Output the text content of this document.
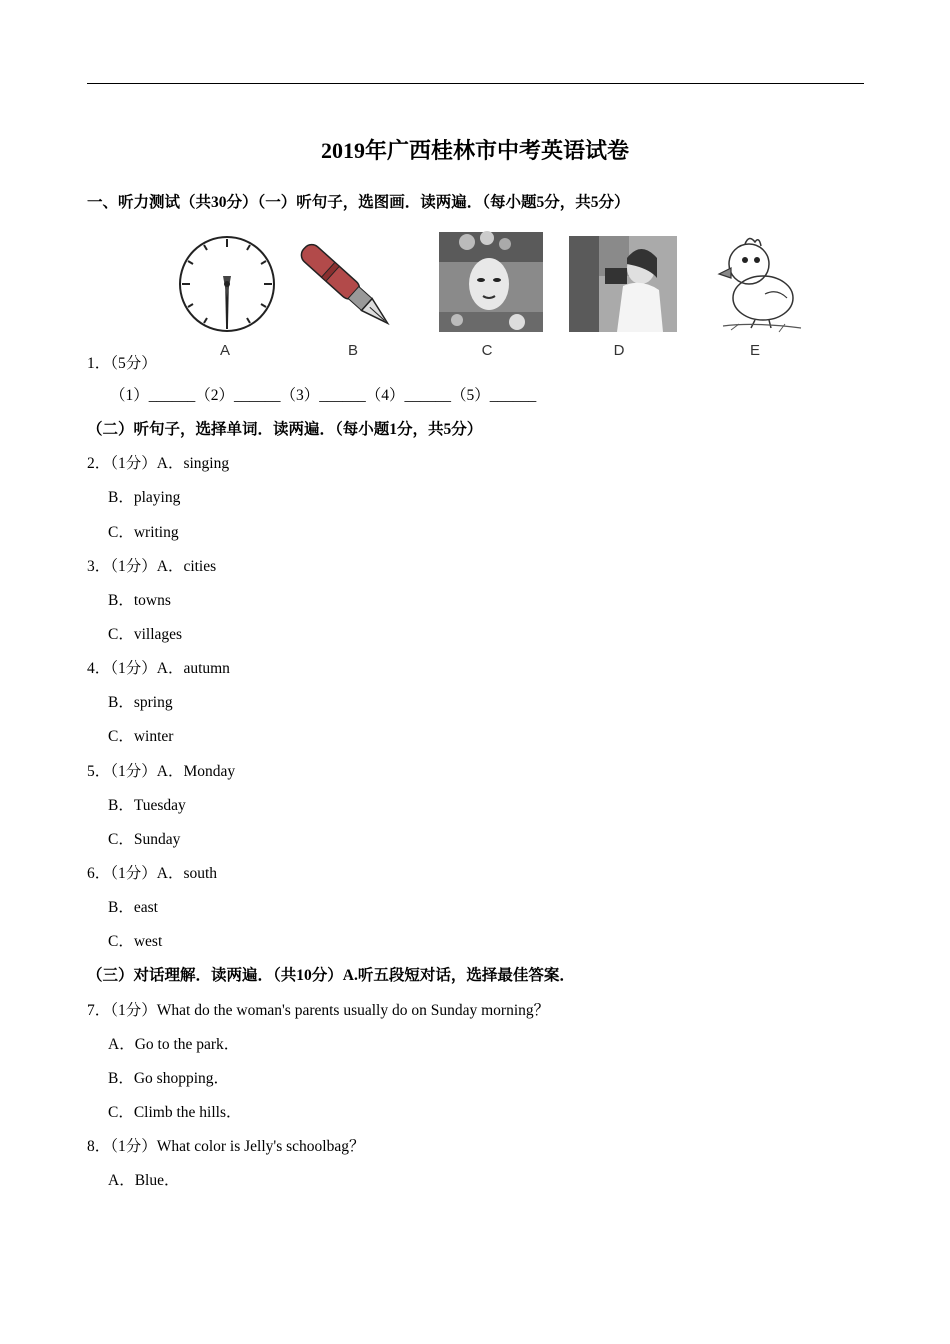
2019年广西桂林市中考英语试卷
一、听力测试（共30分）（一）听句子，选图画．读两遍．（每小题5分，共5分）
A	B	C	D	E
1．（5分）
（1）______（2）______（3）______（4）______（5）______
（二）听句子，选择单词．读两遍．（每小题1分，共5分）
2．（1分）A．singing
B．playing
C．writing
3．（1分）A．cities
B．towns
C．villages
4．（1分）A．autumn
B．spring
C．winter
5．（1分）A．Monday
B．Tuesday
C．Sunday
6．（1分）A．south
B．east
C．west
（三）对话理解．读两遍．（共10分）A.听五段短对话，选择最佳答案．
7．（1分）What do the woman's parents usually do on Sunday morning？
A．Go to the park．
B．Go shopping．
C．Climb the hills．
8．（1分）What color is Jelly's schoolbag？
A．Blue．
